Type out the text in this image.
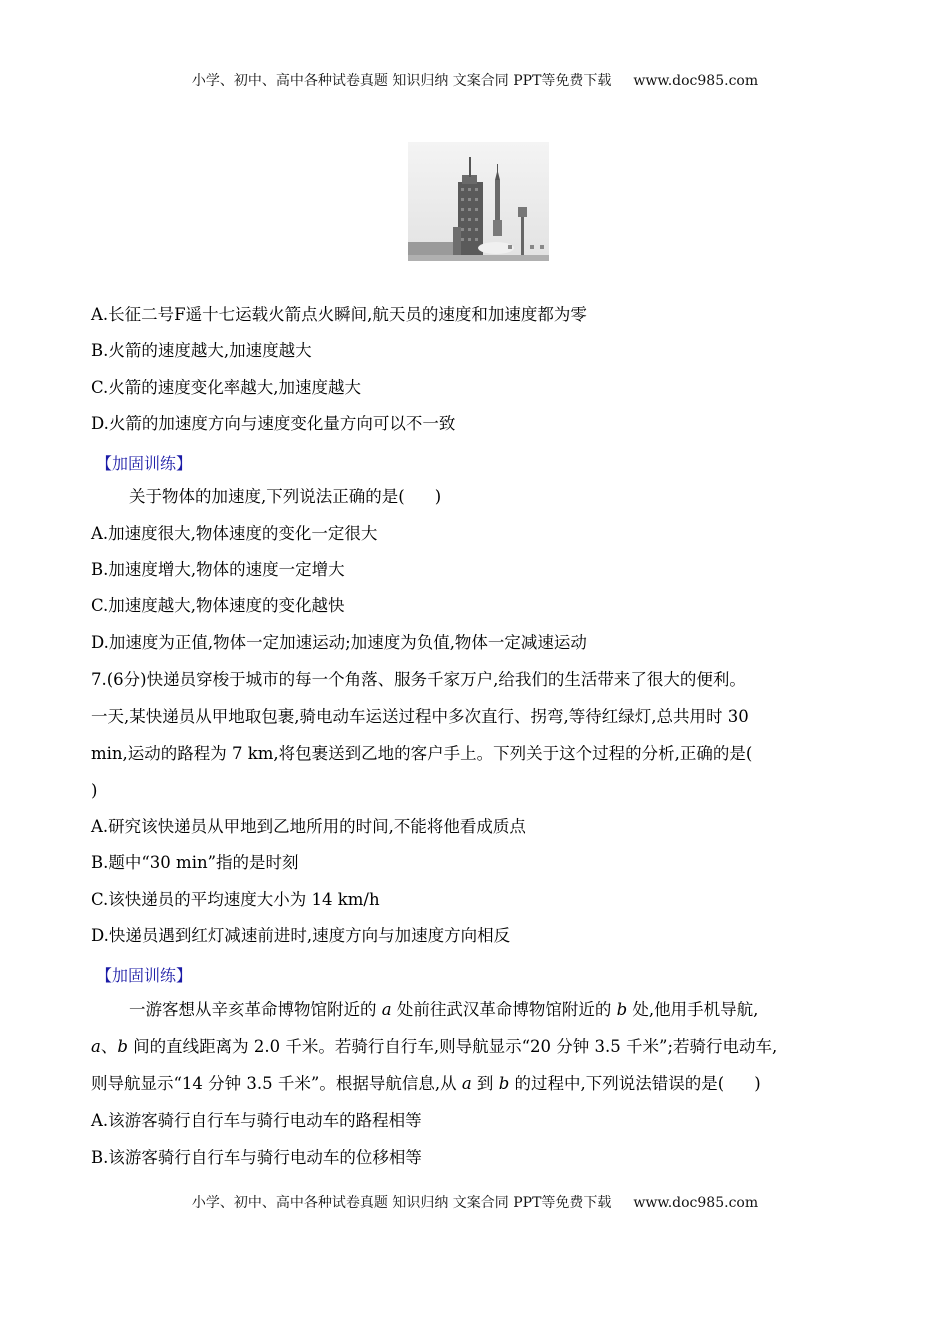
小学、初中、高中各种试卷真题 知识归纳 文案合同 PPT等免费下载 www.doc985.com
A.长征二号F遥十七运载火箭点火瞬间,航天员的速度和加速度都为零
B.火箭的速度越大,加速度越大
C.火箭的速度变化率越大,加速度越大
D.火箭的加速度方向与速度变化量方向可以不一致
【加固训练】
关于物体的加速度,下列说法正确的是( )
A.加速度很大,物体速度的变化一定很大
B.加速度增大,物体的速度一定增大
C.加速度越大,物体速度的变化越快
D.加速度为正值,物体一定加速运动;加速度为负值,物体一定减速运动
7.(6分)快递员穿梭于城市的每一个角落、服务千家万户,给我们的生活带来了很大的便利。
一天,某快递员从甲地取包裹,骑电动车运送过程中多次直行、拐弯,等待红绿灯,总共用时 30
min,运动的路程为 7 km,将包裹送到乙地的客户手上。下列关于这个过程的分析,正确的是(
)
A.研究该快递员从甲地到乙地所用的时间,不能将他看成质点
B.题中“30 min”指的是时刻
C.该快递员的平均速度大小为 14 km/h
D.快递员遇到红灯减速前进时,速度方向与加速度方向相反
【加固训练】
一游客想从辛亥革命博物馆附近的 a 处前往武汉革命博物馆附近的 b 处,他用手机导航,
a、b 间的直线距离为 2.0 千米。若骑行自行车,则导航显示“20 分钟 3.5 千米”;若骑行电动车,
则导航显示“14 分钟 3.5 千米”。根据导航信息,从 a 到 b 的过程中,下列说法错误的是( )
A.该游客骑行自行车与骑行电动车的路程相等
B.该游客骑行自行车与骑行电动车的位移相等
小学、初中、高中各种试卷真题 知识归纳 文案合同 PPT等免费下载 www.doc985.com
